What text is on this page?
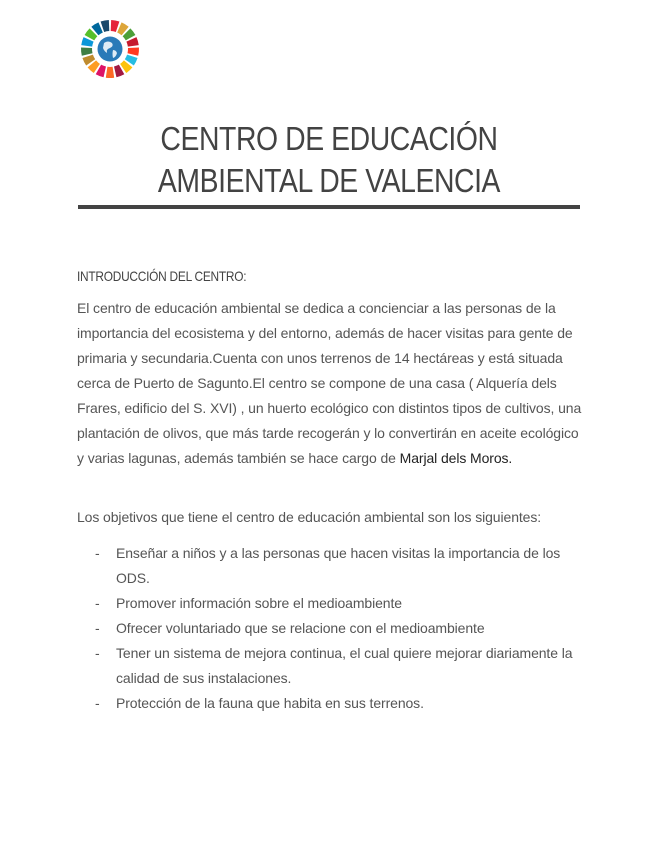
CENTRO DE EDUCACIÓN AMBIENTAL DE VALENCIA
INTRODUCCIÓN DEL CENTRO:

El centro de educación ambiental se dedica a concienciar a las personas de la importancia del ecosistema y del entorno, además de hacer visitas para gente de primaria y secundaria.Cuenta con unos terrenos de 14 hectáreas y está situada cerca de Puerto de Sagunto.El centro se compone de una casa ( Alquería dels Frares, edificio del S. XVI) , un huerto ecológico con distintos tipos de cultivos, una plantación de olivos, que más tarde recogerán y lo convertirán en aceite ecológico y varias lagunas, además también se hace cargo de Marjal dels Moros.

Los objetivos que tiene el centro de educación ambiental son los siguientes:

- Enseñar a niños y a las personas que hacen visitas la importancia de los ODS.
- Promover información sobre el medioambiente
- Ofrecer voluntariado que se relacione con el medioambiente
- Tener un sistema de mejora continua, el cual quiere mejorar diariamente la calidad de sus instalaciones.
- Protección de la fauna que habita en sus terrenos.
